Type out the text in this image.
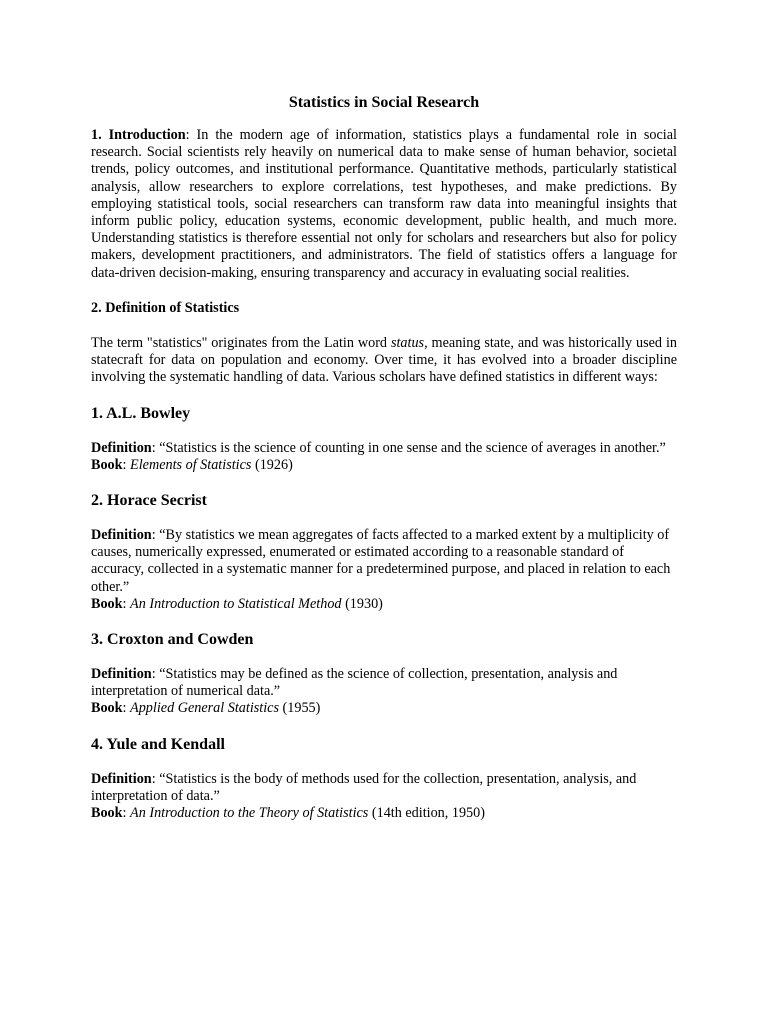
Statistics in Social Research

1. Introduction: In the modern age of information, statistics plays a fundamental role in social research. Social scientists rely heavily on numerical data to make sense of human behavior, societal trends, policy outcomes, and institutional performance. Quantitative methods, particularly statistical analysis, allow researchers to explore correlations, test hypotheses, and make predictions. By employing statistical tools, social researchers can transform raw data into meaningful insights that inform public policy, education systems, economic development, public health, and much more. Understanding statistics is therefore essential not only for scholars and researchers but also for policy makers, development practitioners, and administrators. The field of statistics offers a language for data-driven decision-making, ensuring transparency and accuracy in evaluating social realities.

2. Definition of Statistics

The term "statistics" originates from the Latin word status, meaning state, and was historically used in statecraft for data on population and economy. Over time, it has evolved into a broader discipline involving the systematic handling of data. Various scholars have defined statistics in different ways:

1. A.L. Bowley
Definition: “Statistics is the science of counting in one sense and the science of averages in another.”
Book: Elements of Statistics (1926)
2. Horace Secrist
Definition: “By statistics we mean aggregates of facts affected to a marked extent by a multiplicity of causes, numerically expressed, enumerated or estimated according to a reasonable standard of accuracy, collected in a systematic manner for a predetermined purpose, and placed in relation to each other.”
Book: An Introduction to Statistical Method (1930)
3. Croxton and Cowden
Definition: “Statistics may be defined as the science of collection, presentation, analysis and interpretation of numerical data.”
Book: Applied General Statistics (1955)
4. Yule and Kendall
Definition: “Statistics is the body of methods used for the collection, presentation, analysis, and interpretation of data.”
Book: An Introduction to the Theory of Statistics (14th edition, 1950)
